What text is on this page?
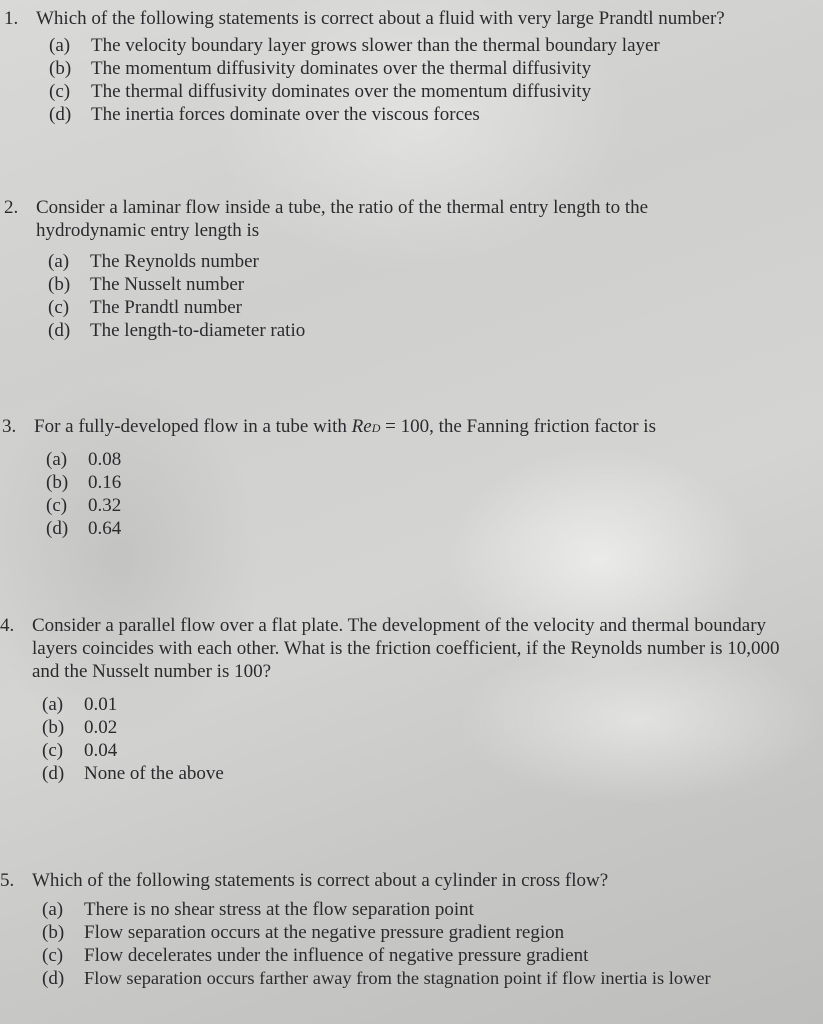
1. Which of the following statements is correct about a fluid with very large Prandtl number?
(a)	The velocity boundary layer grows slower than the thermal boundary layer
(b)	The momentum diffusivity dominates over the thermal diffusivity
(c)	The thermal diffusivity dominates over the momentum diffusivity
(d)	The inertia forces dominate over the viscous forces
2. Consider a laminar flow inside a tube, the ratio of the thermal entry length to the hydrodynamic entry length is
(a)	The Reynolds number
(b)	The Nusselt number
(c)	The Prandtl number
(d)	The length-to-diameter ratio
3. For a fully-developed flow in a tube with ReD = 100, the Fanning friction factor is
(a)	0.08
(b)	0.16
(c)	0.32
(d)	0.64
4. Consider a parallel flow over a flat plate. The development of the velocity and thermal boundary layers coincides with each other. What is the friction coefficient, if the Reynolds number is 10,000 and the Nusselt number is 100?
(a)	0.01
(b)	0.02
(c)	0.04
(d)	None of the above
5. Which of the following statements is correct about a cylinder in cross flow?
(a)	There is no shear stress at the flow separation point
(b)	Flow separation occurs at the negative pressure gradient region
(c)	Flow decelerates under the influence of negative pressure gradient
(d)	Flow separation occurs farther away from the stagnation point if flow inertia is lower
